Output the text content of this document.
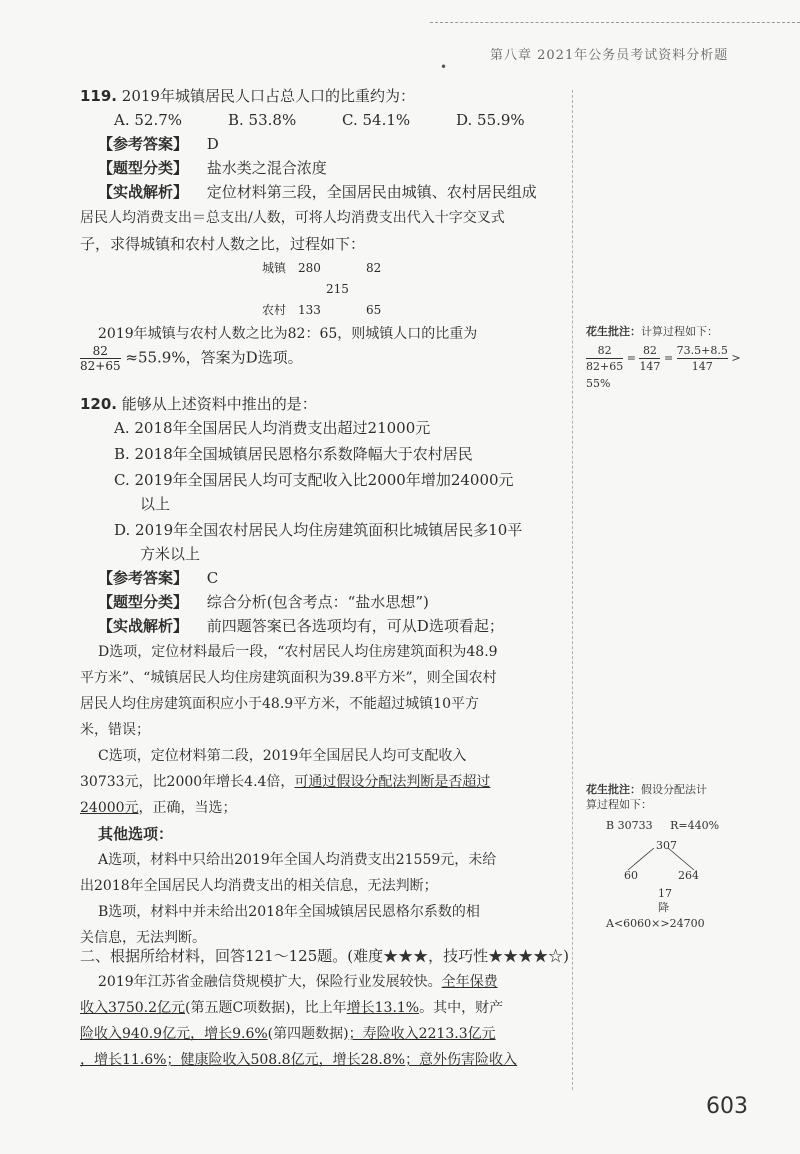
第八章 2021年公务员考试资料分析题
•
119. 2019年城镇居民人口占总人口的比重约为：
A. 52.7%	B. 53.8%	C. 54.1%	D. 55.9%
【参考答案】 D
【题型分类】 盐水类之混合浓度
【实战解析】 定位材料第三段，全国居民由城镇、农村居民组成
居民人均消费支出＝总支出/人数，可将人均消费支出代入十字交叉式
子，求得城镇和农村人数之比，过程如下：
城镇 280	82
215
农村 133	65
2019年城镇与农村人数之比为82：65，则城镇人口的比重为
$\frac{82}{82+65} \approx 55.9\%$，答案为D选项。
花生批注：计算过程如下：
$\frac{82}{82+65} = \frac{82}{147} = \frac{73.5+8.5}{147}$ >
55%
120. 能够从上述资料中推出的是：
A. 2018年全国居民人均消费支出超过21000元
B. 2018年全国城镇居民恩格尔系数降幅大于农村居民
C. 2019年全国居民人均可支配收入比2000年增加24000元
以上
D. 2019年全国农村居民人均住房建筑面积比城镇居民多10平
方米以上
【参考答案】 C
【题型分类】 综合分析(包含考点：“盐水思想”)
【实战解析】 前四题答案已各选项均有，可从D选项看起；
D选项，定位材料最后一段，“农村居民人均住房建筑面积为48.9
平方米”、“城镇居民人均住房建筑面积为39.8平方米”，则全国农村
居民人均住房建筑面积应小于48.9平方米，不能超过城镇10平方
米，错误；
C选项，定位材料第二段，2019年全国居民人均可支配收入
30733元，比2000年增长4.4倍，可通过假设分配法判断是否超过
24000元，正确，当选；
其他选项：
A选项，材料中只给出2019年全国人均消费支出21559元，未给
出2018年全国居民人均消费支出的相关信息，无法判断；
B选项，材料中并未给出2018年全国城镇居民恩格尔系数的相
关信息，无法判断。
花生批注：假设分配法计
算过程如下：
B 30733 R=440%
307
60	264
17
降
A<6060×>24700
二、根据所给材料，回答121～125题。(难度★★★，技巧性★★★★☆)
2019年江苏省金融信贷规模扩大，保险行业发展较快。全年保费
收入3750.2亿元(第五题C项数据)，比上年增长13.1%。其中，财产
险收入940.9亿元，增长9.6%(第四题数据)；寿险收入2213.3亿元
，增长11.6%；健康险收入508.8亿元，增长28.8%；意外伤害险收入
603
